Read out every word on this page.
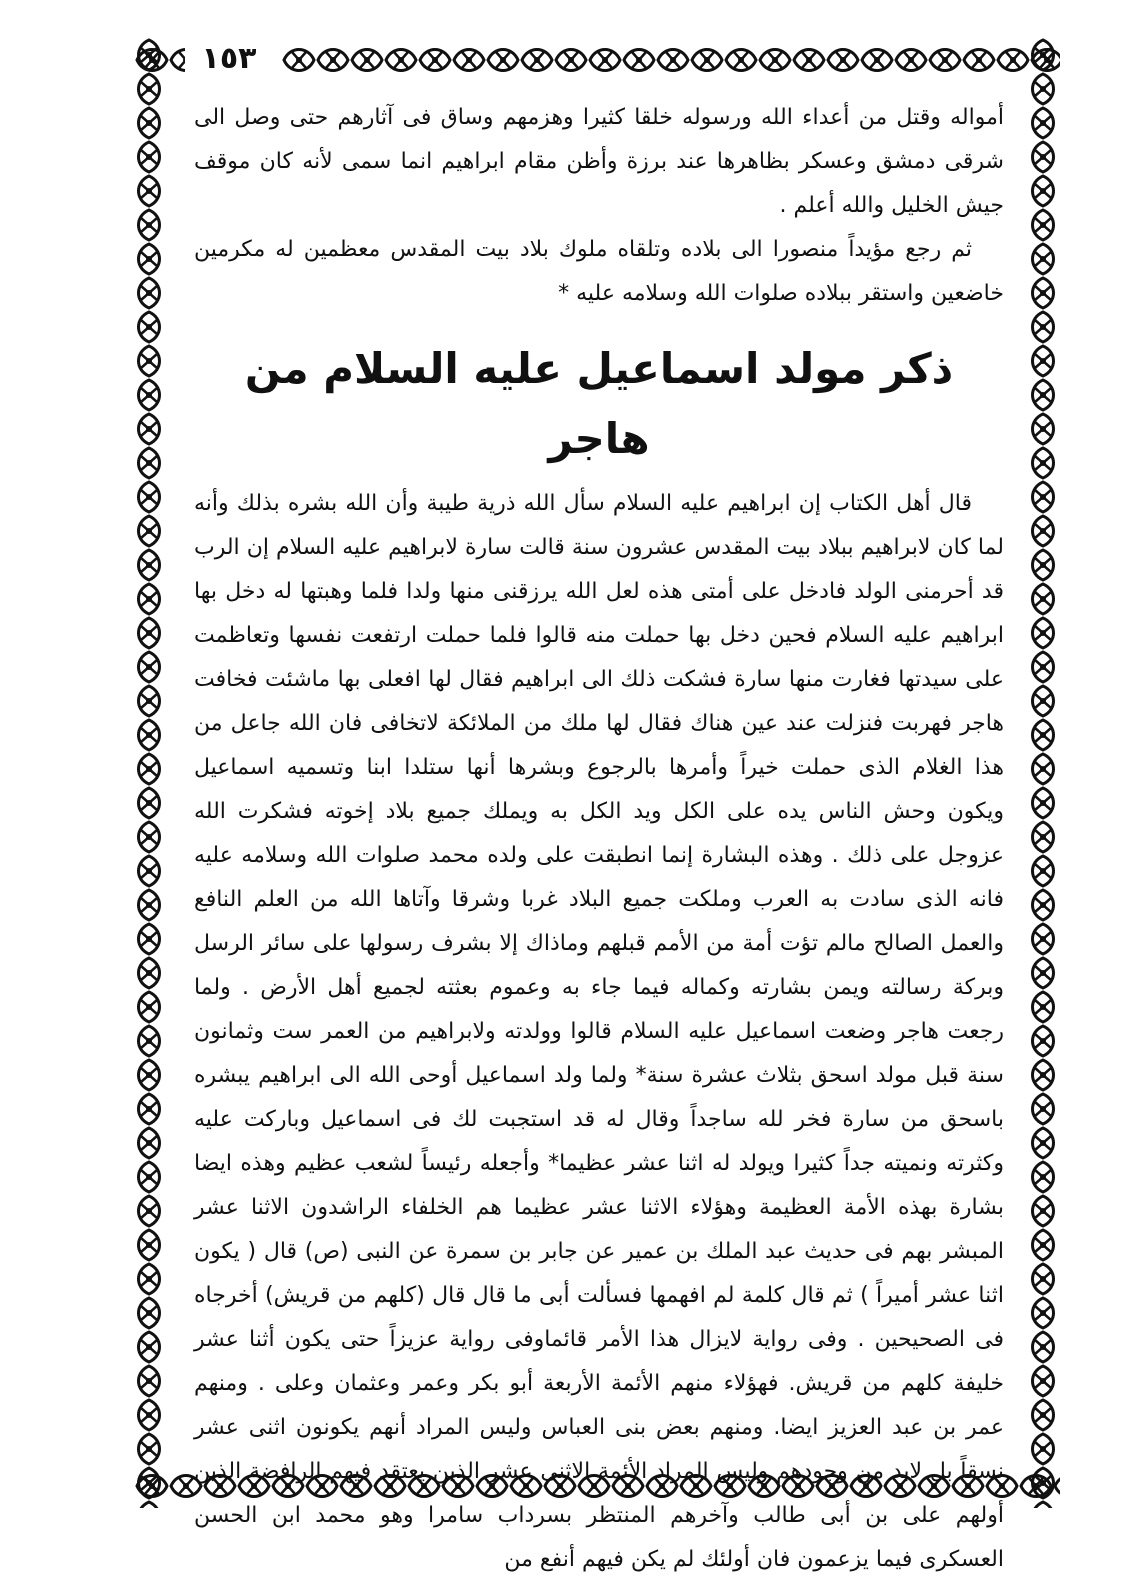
١٥٣

أمواله وقتل من أعداء الله ورسوله خلقا كثيرا وهزمهم وساق فى آثارهم حتى وصل الى شرقى دمشق وعسكر بظاهرها عند برزة وأظن مقام ابراهيم انما سمى لأنه كان موقف جيش الخليل والله أعلم .

ثم رجع مؤيداً منصورا الى بلاده وتلقاه ملوك بلاد بيت المقدس معظمين له مكرمين خاضعين واستقر ببلاده صلوات الله وسلامه عليه *

ذكر مولد اسماعيل عليه السلام من هاجر

قال أهل الكتاب إن ابراهيم عليه السلام سأل الله ذرية طيبة وأن الله بشره بذلك وأنه لما كان لابراهيم ببلاد بيت المقدس عشرون سنة قالت سارة لابراهيم عليه السلام إن الرب قد أحرمنى الولد فادخل على أمتى هذه لعل الله يرزقنى منها ولدا فلما وهبتها له دخل بها ابراهيم عليه السلام فحين دخل بها حملت منه قالوا فلما حملت ارتفعت نفسها وتعاظمت على سيدتها فغارت منها سارة فشكت ذلك الى ابراهيم فقال لها افعلى بها ماشئت فخافت هاجر فهربت فنزلت عند عين هناك فقال لها ملك من الملائكة لاتخافى فان الله جاعل من هذا الغلام الذى حملت خيراً وأمرها بالرجوع وبشرها أنها ستلدا ابنا وتسميه اسماعيل ويكون وحش الناس يده على الكل ويد الكل به ويملك جميع بلاد إخوته فشكرت الله عزوجل على ذلك . وهذه البشارة إنما انطبقت على ولده محمد صلوات الله وسلامه عليه فانه الذى سادت به العرب وملكت جميع البلاد غربا وشرقا وآتاها الله من العلم النافع والعمل الصالح مالم تؤت أمة من الأمم قبلهم وماذاك إلا بشرف رسولها على سائر الرسل وبركة رسالته ويمن بشارته وكماله فيما جاء به وعموم بعثته لجميع أهل الأرض . ولما رجعت هاجر وضعت اسماعيل عليه السلام قالوا وولدته ولابراهيم من العمر ست وثمانون سنة قبل مولد اسحق بثلاث عشرة سنة* ولما ولد اسماعيل أوحى الله الى ابراهيم يبشره باسحق من سارة فخر لله ساجداً وقال له قد استجبت لك فى اسماعيل وباركت عليه وكثرته ونميته جداً كثيرا ويولد له اثنا عشر عظيما* وأجعله رئيساً لشعب عظيم وهذه ايضا بشارة بهذه الأمة العظيمة وهؤلاء الاثنا عشر عظيما هم الخلفاء الراشدون الاثنا عشر المبشر بهم فى حديث عبد الملك بن عمير عن جابر بن سمرة عن النبى (ص) قال ( يكون اثنا عشر أميراً ) ثم قال كلمة لم افهمها فسألت أبى ما قال قال (كلهم من قريش) أخرجاه فى الصحيحين . وفى رواية لايزال هذا الأمر قائماوفى رواية عزيزاً حتى يكون أثنا عشر خليفة كلهم من قريش. فهؤلاء منهم الأئمة الأربعة أبو بكر وعمر وعثمان وعلى . ومنهم عمر بن عبد العزيز ايضا. ومنهم بعض بنى العباس وليس المراد أنهم يكونون اثنى عشر نسقاً بل لابد من وجودهم وليس المراد الأئمة الاثنى عشر الذين يعتقد فيهم الرافضة الذين أولهم على بن أبى طالب وآخرهم المنتظر بسرداب سامرا وهو محمد ابن الحسن العسكرى فيما يزعمون فان أولئك لم يكن فيهم أنفع من
